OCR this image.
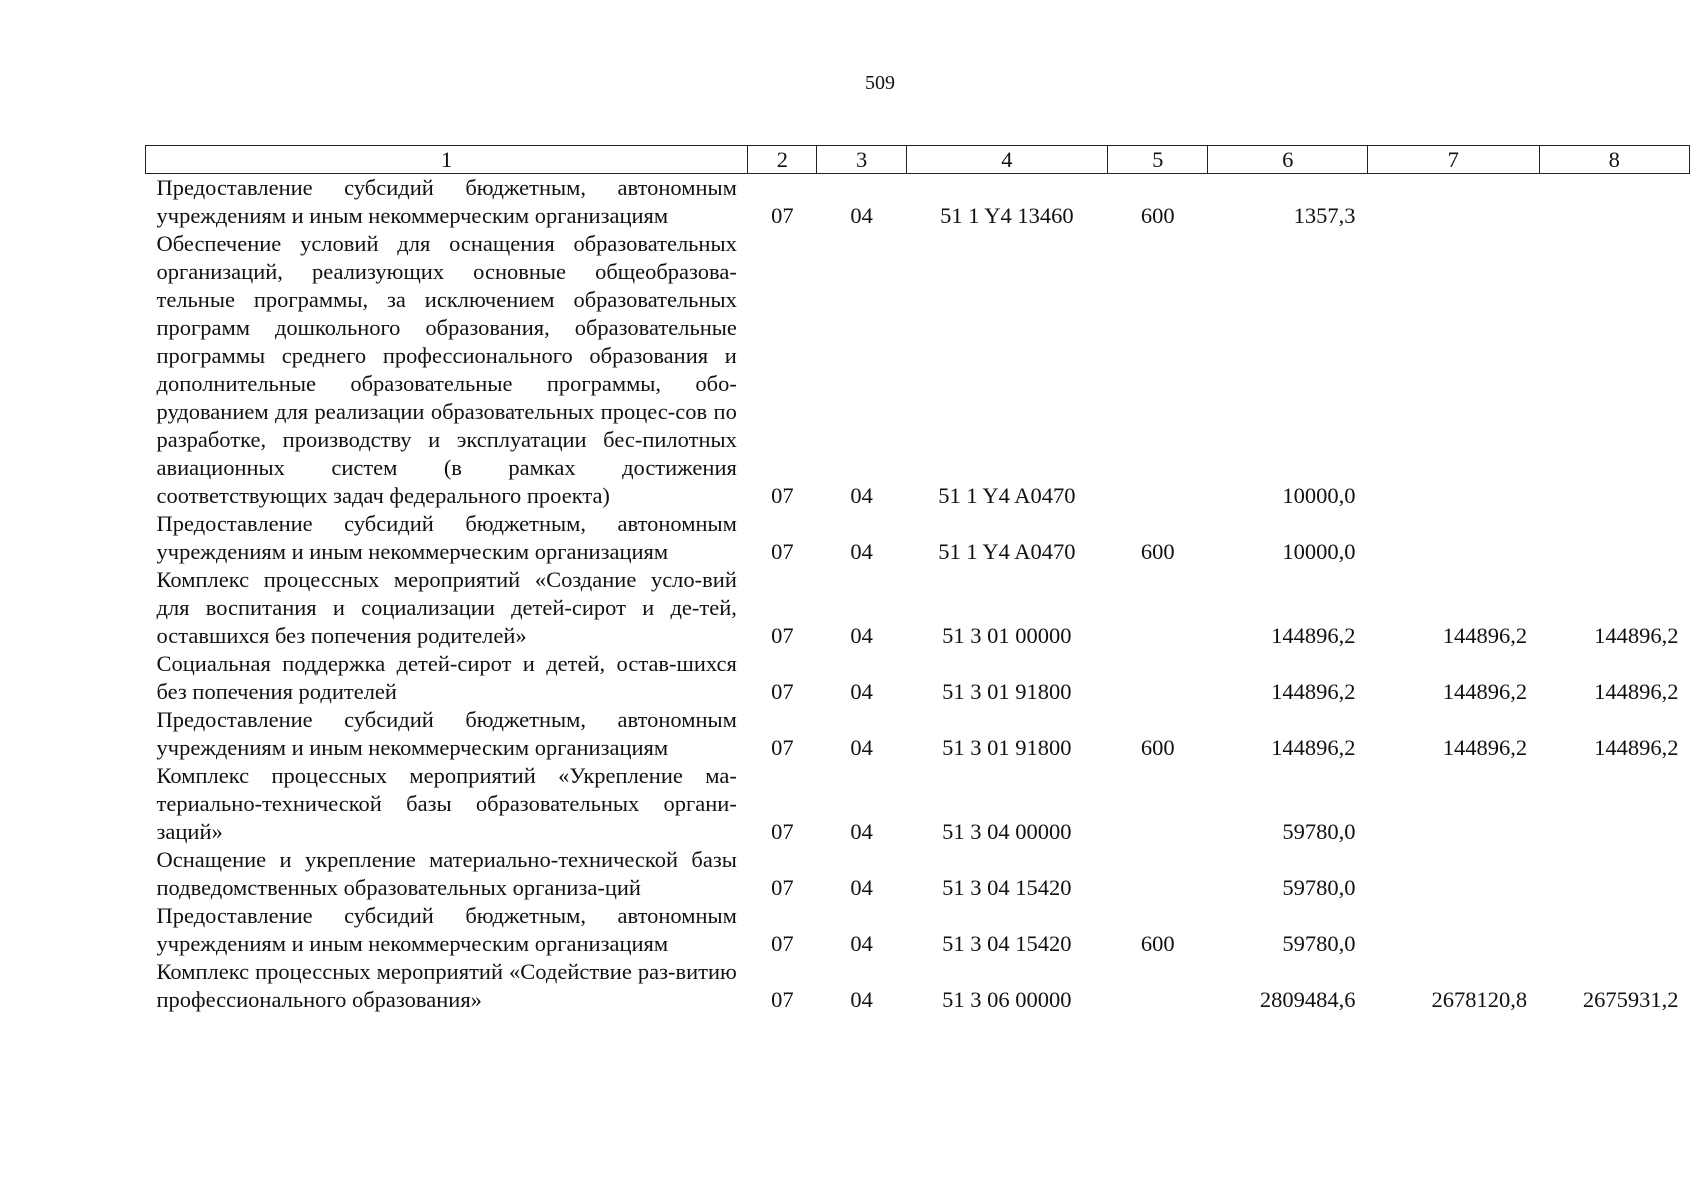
509
1	2	3	4	5	6	7	8
Предоставление субсидий бюджетным, автономным учреждениям и иным некоммерческим организациям	07	04	51 1 Y4 13460	600	1357,3		
Обеспечение условий для оснащения образовательных организаций, реализующих основные общеобразова-тельные программы, за исключением образовательных программ дошкольного образования, образовательные программы среднего профессионального образования и дополнительные образовательные программы, обо-рудованием для реализации образовательных процес-сов по разработке, производству и эксплуатации бес-пилотных авиационных систем (в рамках достижения соответствующих задач федерального проекта)	07	04	51 1 Y4 A0470		10000,0		
Предоставление субсидий бюджетным, автономным учреждениям и иным некоммерческим организациям	07	04	51 1 Y4 A0470	600	10000,0		
Комплекс процессных мероприятий «Создание усло-вий для воспитания и социализации детей-сирот и де-тей, оставшихся без попечения родителей»	07	04	51 3 01 00000		144896,2	144896,2	144896,2
Социальная поддержка детей-сирот и детей, остав-шихся без попечения родителей	07	04	51 3 01 91800		144896,2	144896,2	144896,2
Предоставление субсидий бюджетным, автономным учреждениям и иным некоммерческим организациям	07	04	51 3 01 91800	600	144896,2	144896,2	144896,2
Комплекс процессных мероприятий «Укрепление ма-териально-технической базы образовательных органи-заций»	07	04	51 3 04 00000		59780,0		
Оснащение и укрепление материально-технической базы подведомственных образовательных организа-ций	07	04	51 3 04 15420		59780,0		
Предоставление субсидий бюджетным, автономным учреждениям и иным некоммерческим организациям	07	04	51 3 04 15420	600	59780,0		
Комплекс процессных мероприятий «Содействие раз-витию профессионального образования»	07	04	51 3 06 00000		2809484,6	2678120,8	2675931,2
